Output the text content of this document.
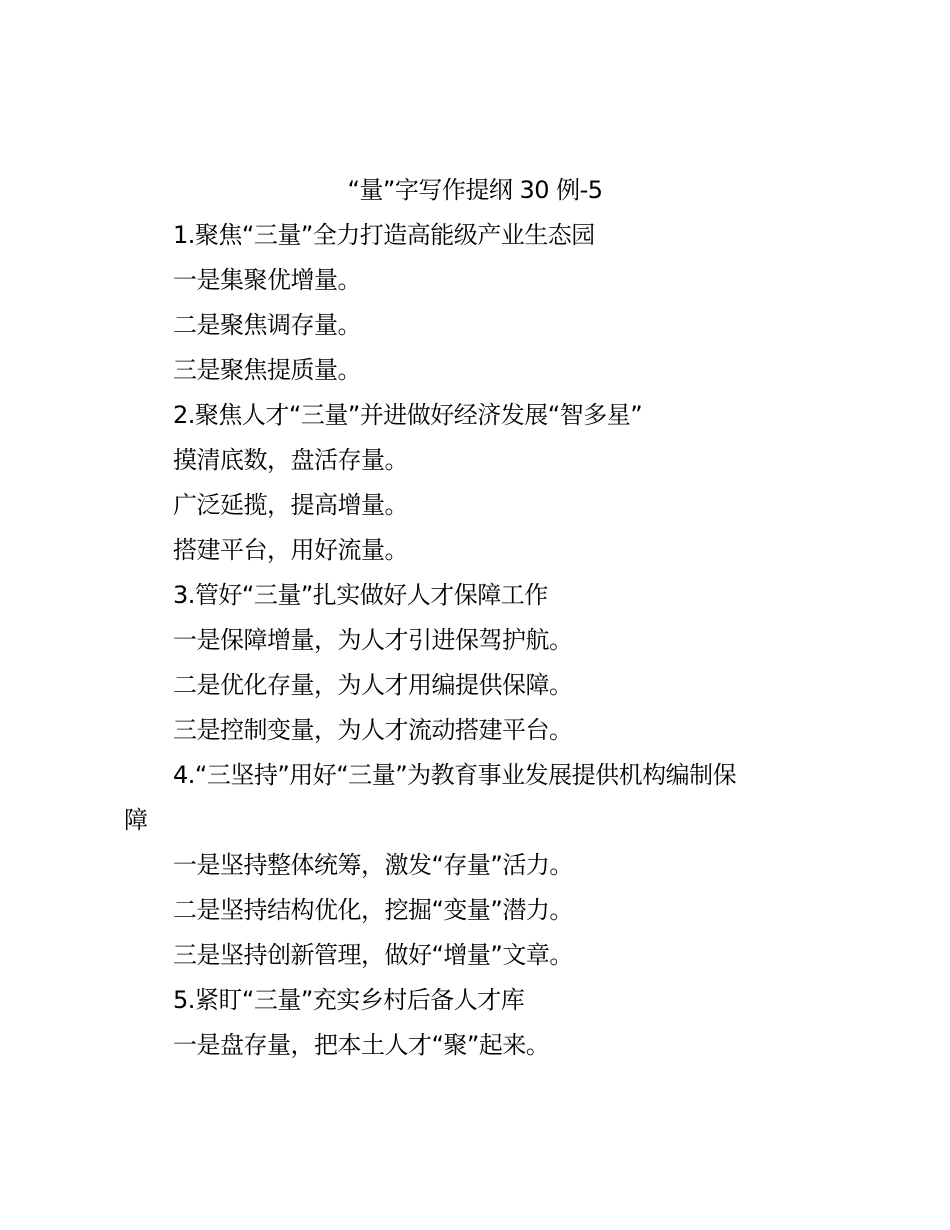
“量”字写作提纲 30 例-5
1.聚焦“三量”全力打造高能级产业生态园
一是集聚优增量。
二是聚焦调存量。
三是聚焦提质量。
2.聚焦人才“三量”并进做好经济发展“智多星”
摸清底数，盘活存量。
广泛延揽，提高增量。
搭建平台，用好流量。
3.管好“三量”扎实做好人才保障工作
一是保障增量，为人才引进保驾护航。
二是优化存量，为人才用编提供保障。
三是控制变量，为人才流动搭建平台。
4.“三坚持”用好“三量”为教育事业发展提供机构编制保
障
一是坚持整体统筹，激发“存量”活力。
二是坚持结构优化，挖掘“变量”潜力。
三是坚持创新管理，做好“增量”文章。
5.紧盯“三量”充实乡村后备人才库
一是盘存量，把本土人才“聚”起来。
